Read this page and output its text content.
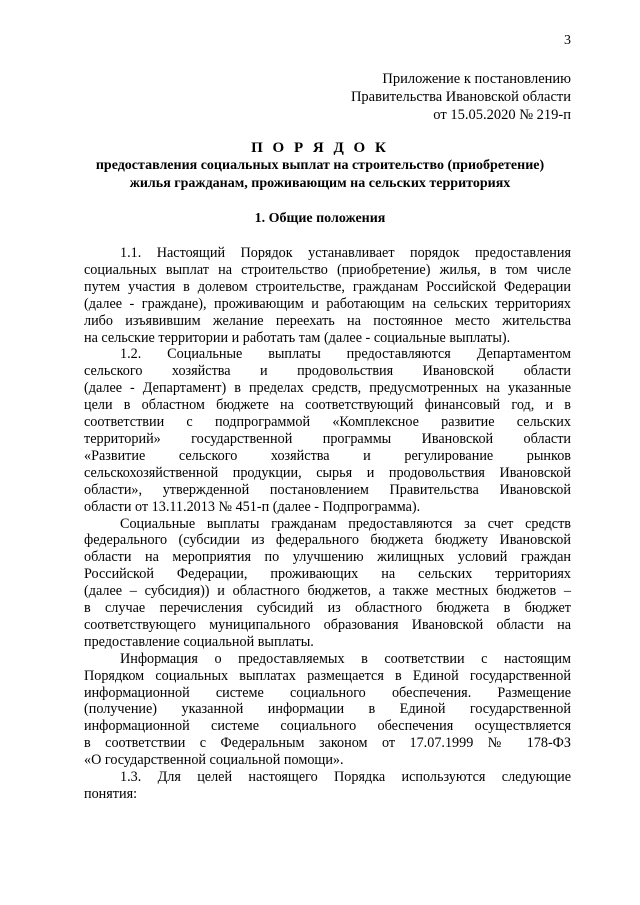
3
Приложение к постановлению
Правительства Ивановской области
от 15.05.2020 № 219-п
П О Р Я Д О К
предоставления социальных выплат на строительство (приобретение)
жилья гражданам, проживающим на сельских территориях
1. Общие положения
1.1. Настоящий Порядок устанавливает порядок предоставления
социальных выплат на строительство (приобретение) жилья, в том числе
путем участия в долевом строительстве, гражданам Российской Федерации
(далее - граждане), проживающим и работающим на сельских территориях
либо изъявившим желание переехать на постоянное место жительства
на сельские территории и работать там (далее - социальные выплаты).
1.2. Социальные выплаты предоставляются Департаментом
сельского хозяйства и продовольствия Ивановской области
(далее - Департамент) в пределах средств, предусмотренных на указанные
цели в областном бюджете на соответствующий финансовый год, и в
соответствии с подпрограммой «Комплексное развитие сельских
территорий» государственной программы Ивановской области
«Развитие сельского хозяйства и регулирование рынков
сельскохозяйственной продукции, сырья и продовольствия Ивановской
области», утвержденной постановлением Правительства Ивановской
области от 13.11.2013 № 451-п (далее - Подпрограмма).
Социальные выплаты гражданам предоставляются за счет средств
федерального (субсидии из федерального бюджета бюджету Ивановской
области на мероприятия по улучшению жилищных условий граждан
Российской Федерации, проживающих на сельских территориях
(далее – субсидия)) и областного бюджетов, а также местных бюджетов –
в случае перечисления субсидий из областного бюджета в бюджет
соответствующего муниципального образования Ивановской области на
предоставление социальной выплаты.
Информация о предоставляемых в соответствии с настоящим
Порядком социальных выплатах размещается в Единой государственной
информационной системе социального обеспечения. Размещение
(получение) указанной информации в Единой государственной
информационной системе социального обеспечения осуществляется
в соответствии с Федеральным законом от 17.07.1999 № 178-ФЗ
«О государственной социальной помощи».
1.3. Для целей настоящего Порядка используются следующие
понятия:
